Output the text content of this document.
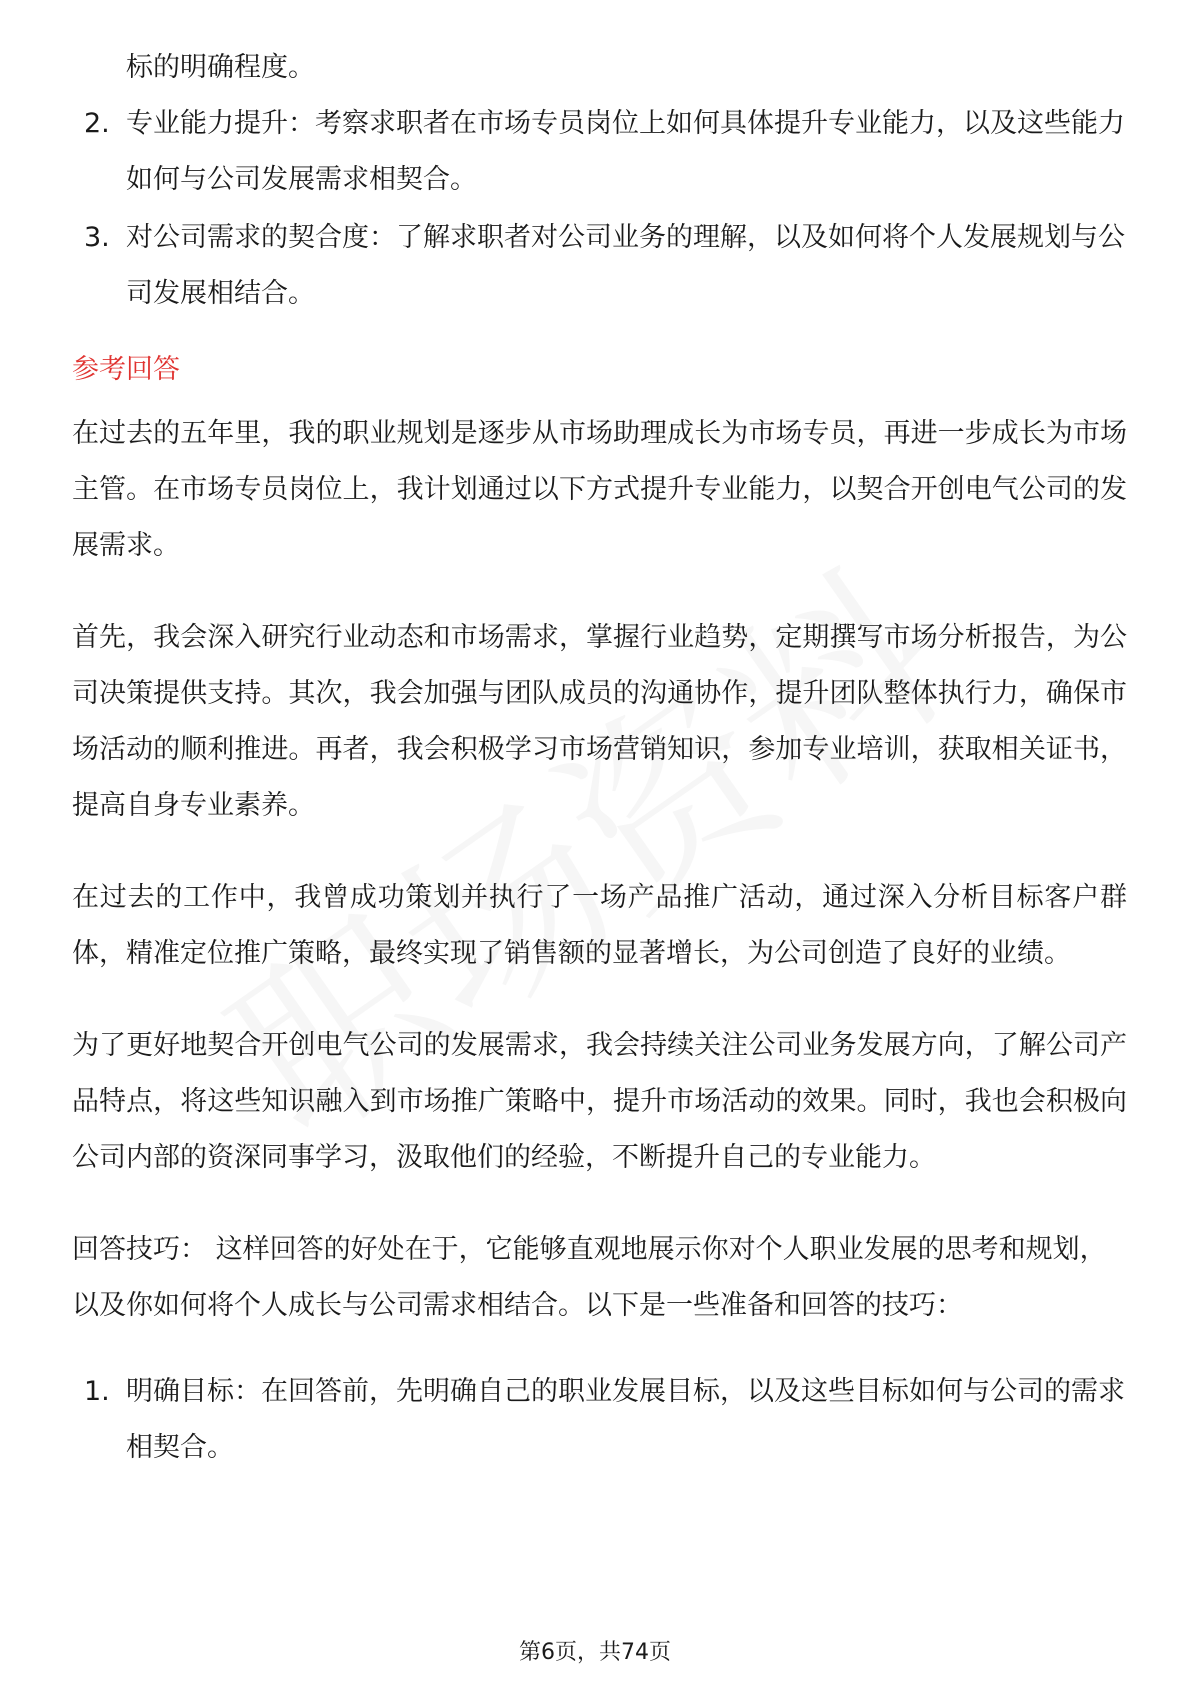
标的明确程度。
2. 专业能力提升：考察求职者在市场专员岗位上如何具体提升专业能力，以及这些能力如何与公司发展需求相契合。
3. 对公司需求的契合度：了解求职者对公司业务的理解，以及如何将个人发展规划与公司发展相结合。
参考回答

在过去的五年里，我的职业规划是逐步从市场助理成长为市场专员，再进一步成长为市场主管。在市场专员岗位上，我计划通过以下方式提升专业能力，以契合开创电气公司的发展需求。

首先，我会深入研究行业动态和市场需求，掌握行业趋势，定期撰写市场分析报告，为公司决策提供支持。其次，我会加强与团队成员的沟通协作，提升团队整体执行力，确保市场活动的顺利推进。再者，我会积极学习市场营销知识，参加专业培训，获取相关证书，提高自身专业素养。

在过去的工作中，我曾成功策划并执行了一场产品推广活动，通过深入分析目标客户群体，精准定位推广策略，最终实现了销售额的显著增长，为公司创造了良好的业绩。

为了更好地契合开创电气公司的发展需求，我会持续关注公司业务发展方向，了解公司产品特点，将这些知识融入到市场推广策略中，提升市场活动的效果。同时，我也会积极向公司内部的资深同事学习，汲取他们的经验，不断提升自己的专业能力。

回答技巧： 这样回答的好处在于，它能够直观地展示你对个人职业发展的思考和规划，以及你如何将个人成长与公司需求相结合。以下是一些准备和回答的技巧：

1. 明确目标：在回答前，先明确自己的职业发展目标，以及这些目标如何与公司的需求相契合。
第6页，共74页
